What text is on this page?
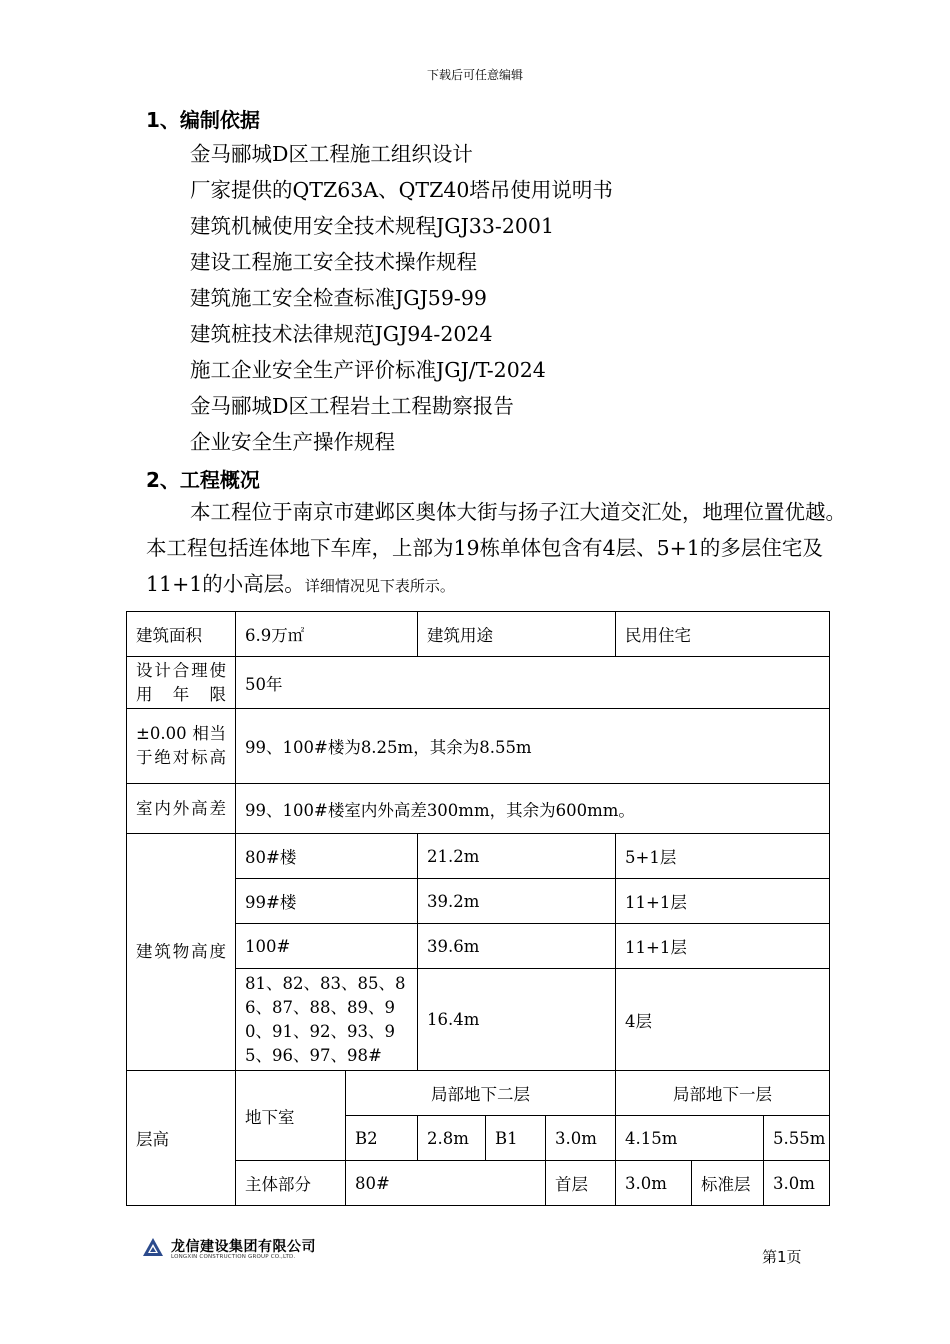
下载后可任意编辑
1、编制依据
金马郦城D区工程施工组织设计
厂家提供的QTZ63A、QTZ40塔吊使用说明书
建筑机械使用安全技术规程JGJ33-2001
建设工程施工安全技术操作规程
建筑施工安全检查标准JGJ59-99
建筑桩技术法律规范JGJ94-2024
施工企业安全生产评价标准JGJ/T-2024
金马郦城D区工程岩土工程勘察报告
企业安全生产操作规程
2、工程概况

本工程位于南京市建邺区奥体大街与扬子江大道交汇处，地理位置优越。本工程包括连体地下车库，上部为19栋单体包含有4层、5+1的多层住宅及11+1的小高层。详细情况见下表所示。

建筑面积	6.9万㎡		建筑用途			民用住宅		
设计合理使用年限	50年							
±0.00 相当于绝对标高	99、100#楼为8.25m，其余为8.55m							
室内外高差	99、100#楼室内外高差300mm，其余为600mm。							
建筑物高度	80#楼		21.2m			5+1层		
	99#楼		39.2m			11+1层		
	100#		39.6m			11+1层		
	81、82、83、85、86、87、88、89、90、91、92、93、95、96、97、98#		16.4m			4层		
层高	地下室	局部地下二层				局部地下一层		
		B2	2.8m	B1	3.0m	4.15m		5.55m
	主体部分	80#			首层	3.0m	标准层	3.0m
龙信建设集团有限公司
LONGXIN CONSTRUCTION GROUP CO.,LTD.	第1页
